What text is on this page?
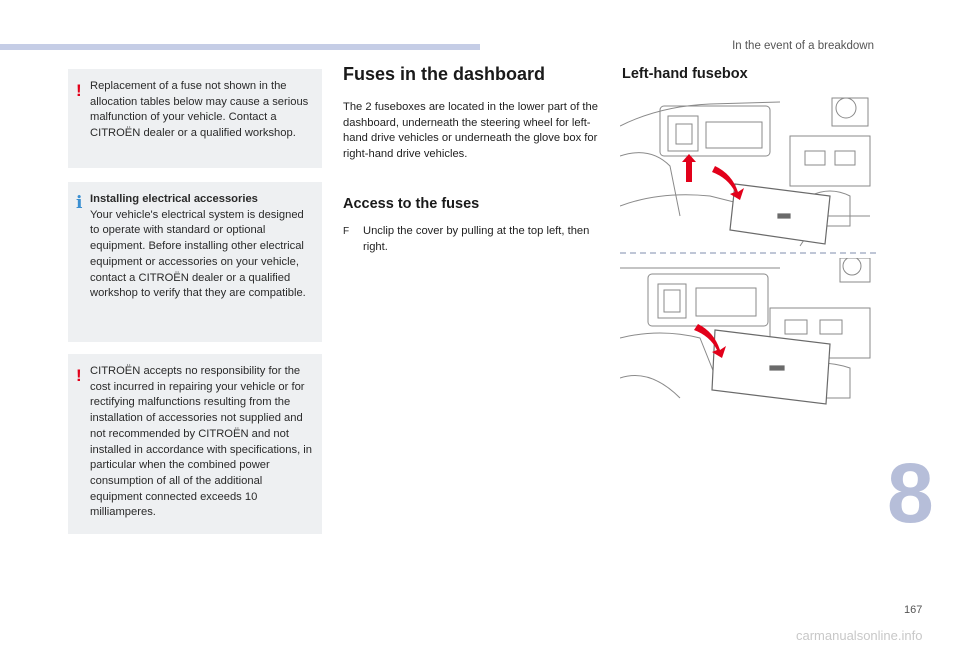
In the event of a breakdown
! Replacement of a fuse not shown in the allocation tables below may cause a serious malfunction of your vehicle. Contact a CITROËN dealer or a qualified workshop.

i Installing electrical accessories
Your vehicle's electrical system is designed to operate with standard or optional equipment. Before installing other electrical equipment or accessories on your vehicle, contact a CITROËN dealer or a qualified workshop to verify that they are compatible.

! CITROËN accepts no responsibility for the cost incurred in repairing your vehicle or for rectifying malfunctions resulting from the installation of accessories not supplied and not recommended by CITROËN and not installed in accordance with specifications, in particular when the combined power consumption of all of the additional equipment connected exceeds 10 milliamperes.

Fuses in the dashboard

The 2 fuseboxes are located in the lower part of the dashboard, underneath the steering wheel for left-hand drive vehicles or underneath the glove box for right-hand drive vehicles.

Access to the fuses

F Unclip the cover by pulling at the top left, then right.

Left-hand fusebox
8
167
carmanualsonline.info
